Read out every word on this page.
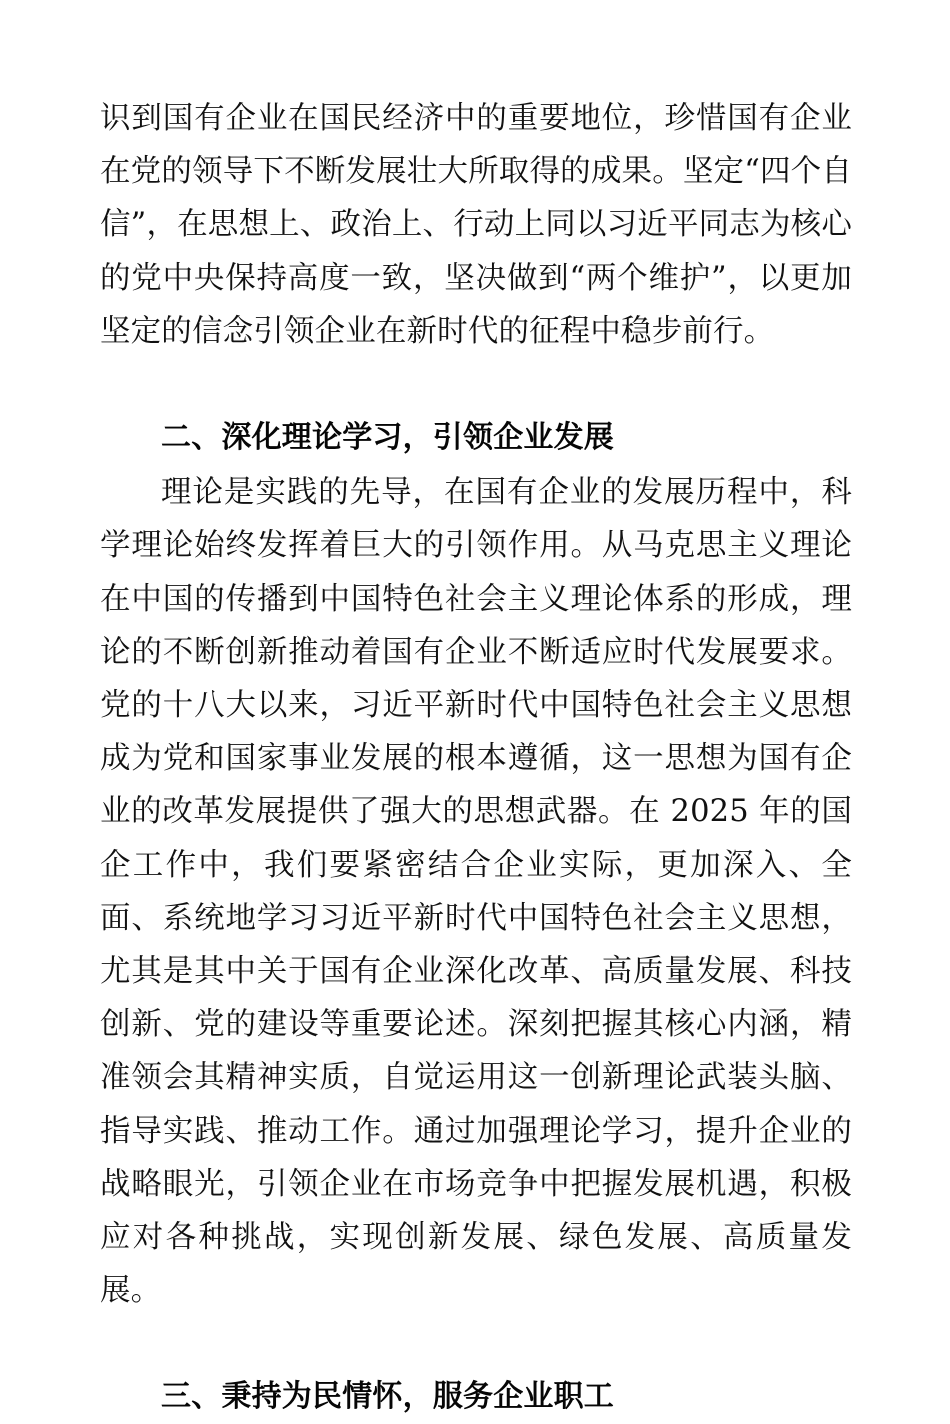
识到国有企业在国民经济中的重要地位，珍惜国有企业在党的领导下不断发展壮大所取得的成果。坚定“四个自信”，在思想上、政治上、行动上同以习近平同志为核心的党中央保持高度一致，坚决做到“两个维护”，以更加坚定的信念引领企业在新时代的征程中稳步前行。

二、深化理论学习，引领企业发展

理论是实践的先导，在国有企业的发展历程中，科学理论始终发挥着巨大的引领作用。从马克思主义理论在中国的传播到中国特色社会主义理论体系的形成，理论的不断创新推动着国有企业不断适应时代发展要求。党的十八大以来，习近平新时代中国特色社会主义思想成为党和国家事业发展的根本遵循，这一思想为国有企业的改革发展提供了强大的思想武器。在 2025 年的国企工作中，我们要紧密结合企业实际，更加深入、全面、系统地学习习近平新时代中国特色社会主义思想，尤其是其中关于国有企业深化改革、高质量发展、科技创新、党的建设等重要论述。深刻把握其核心内涵，精准领会其精神实质，自觉运用这一创新理论武装头脑、指导实践、推动工作。通过加强理论学习，提升企业的战略眼光，引领企业在市场竞争中把握发展机遇，积极应对各种挑战，实现创新发展、绿色发展、高质量发展。

三、秉持为民情怀，服务企业职工
